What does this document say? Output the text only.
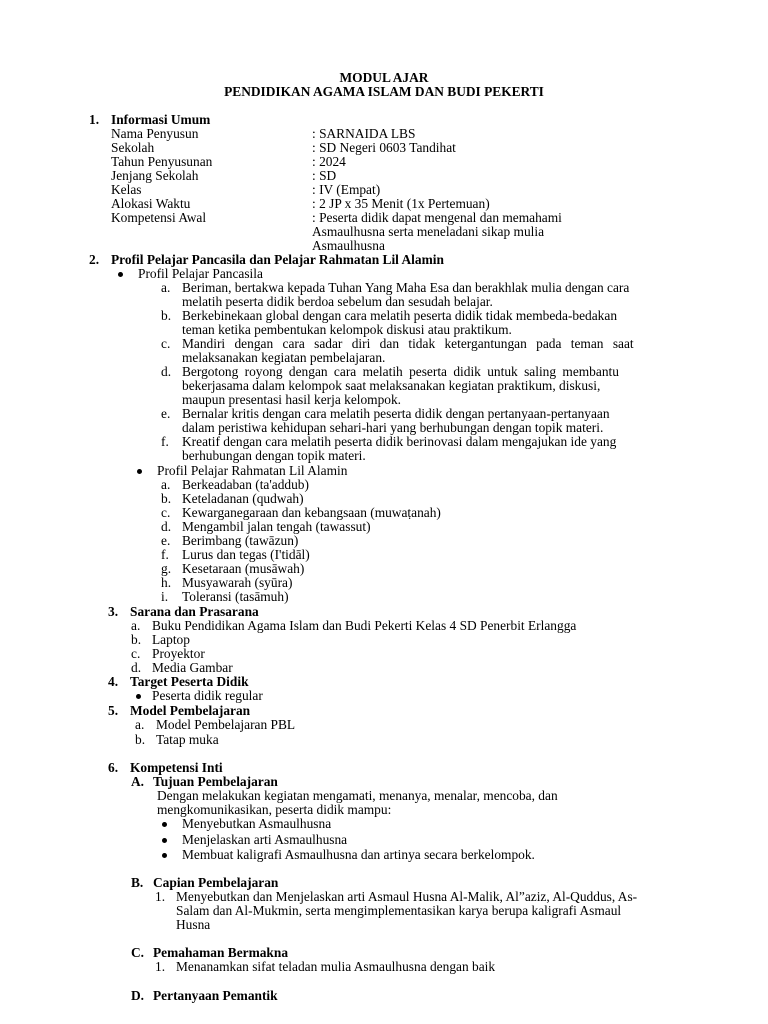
MODUL AJAR
PENDIDIKAN AGAMA ISLAM DAN BUDI PEKERTI
1. Informasi Umum
Nama Penyusun	: SARNAIDA LBS
Sekolah	: SD Negeri 0603 Tandihat
Tahun Penyusunan	: 2024
Jenjang Sekolah	: SD
Kelas	: IV (Empat)
Alokasi Waktu	: 2 JP x 35 Menit (1x Pertemuan)
Kompetensi Awal	: Peserta didik dapat mengenal dan memahami
Asmaulhusna serta meneladani sikap mulia
Asmaulhusna
2. Profil Pelajar Pancasila dan Pelajar Rahmatan Lil Alamin
Profil Pelajar Pancasila
a. Beriman, bertakwa kepada Tuhan Yang Maha Esa dan berakhlak mulia dengan cara
melatih peserta didik berdoa sebelum dan sesudah belajar.
b. Berkebinekaan global dengan cara melatih peserta didik tidak membeda-bedakan
teman ketika pembentukan kelompok diskusi atau praktikum.
c. Mandiri dengan cara sadar diri dan tidak ketergantungan pada teman saat
melaksanakan kegiatan pembelajaran.
d. Bergotong royong dengan cara melatih peserta didik untuk saling membantu
bekerjasama dalam kelompok saat melaksanakan kegiatan praktikum, diskusi,
maupun presentasi hasil kerja kelompok.
e. Bernalar kritis dengan cara melatih peserta didik dengan pertanyaan-pertanyaan
dalam peristiwa kehidupan sehari-hari yang berhubungan dengan topik materi.
f. Kreatif dengan cara melatih peserta didik berinovasi dalam mengajukan ide yang
berhubungan dengan topik materi.
Profil Pelajar Rahmatan Lil Alamin
a. Berkeadaban (ta'addub)
b. Keteladanan (qudwah)
c. Kewarganegaraan dan kebangsaan (muwaṭanah)
d. Mengambil jalan tengah (tawassut)
e. Berimbang (tawāzun)
f. Lurus dan tegas (I'tidāl)
g. Kesetaraan (musāwah)
h. Musyawarah (syūra)
i. Toleransi (tasāmuh)
3. Sarana dan Prasarana
a. Buku Pendidikan Agama Islam dan Budi Pekerti Kelas 4 SD Penerbit Erlangga
b. Laptop
c. Proyektor
d. Media Gambar
4. Target Peserta Didik
Peserta didik regular
5. Model Pembelajaran
a. Model Pembelajaran PBL
b. Tatap muka
6. Kompetensi Inti
A. Tujuan Pembelajaran
Dengan melakukan kegiatan mengamati, menanya, menalar, mencoba, dan
mengkomunikasikan, peserta didik mampu:
Menyebutkan Asmaulhusna
Menjelaskan arti Asmaulhusna
Membuat kaligrafi Asmaulhusna dan artinya secara berkelompok.
B. Capian Pembelajaran
1. Menyebutkan dan Menjelaskan arti Asmaul Husna Al-Malik, Al”aziz, Al-Quddus, As-
Salam dan Al-Mukmin, serta mengimplementasikan karya berupa kaligrafi Asmaul
Husna
C. Pemahaman Bermakna
1. Menanamkan sifat teladan mulia Asmaulhusna dengan baik
D. Pertanyaan Pemantik
